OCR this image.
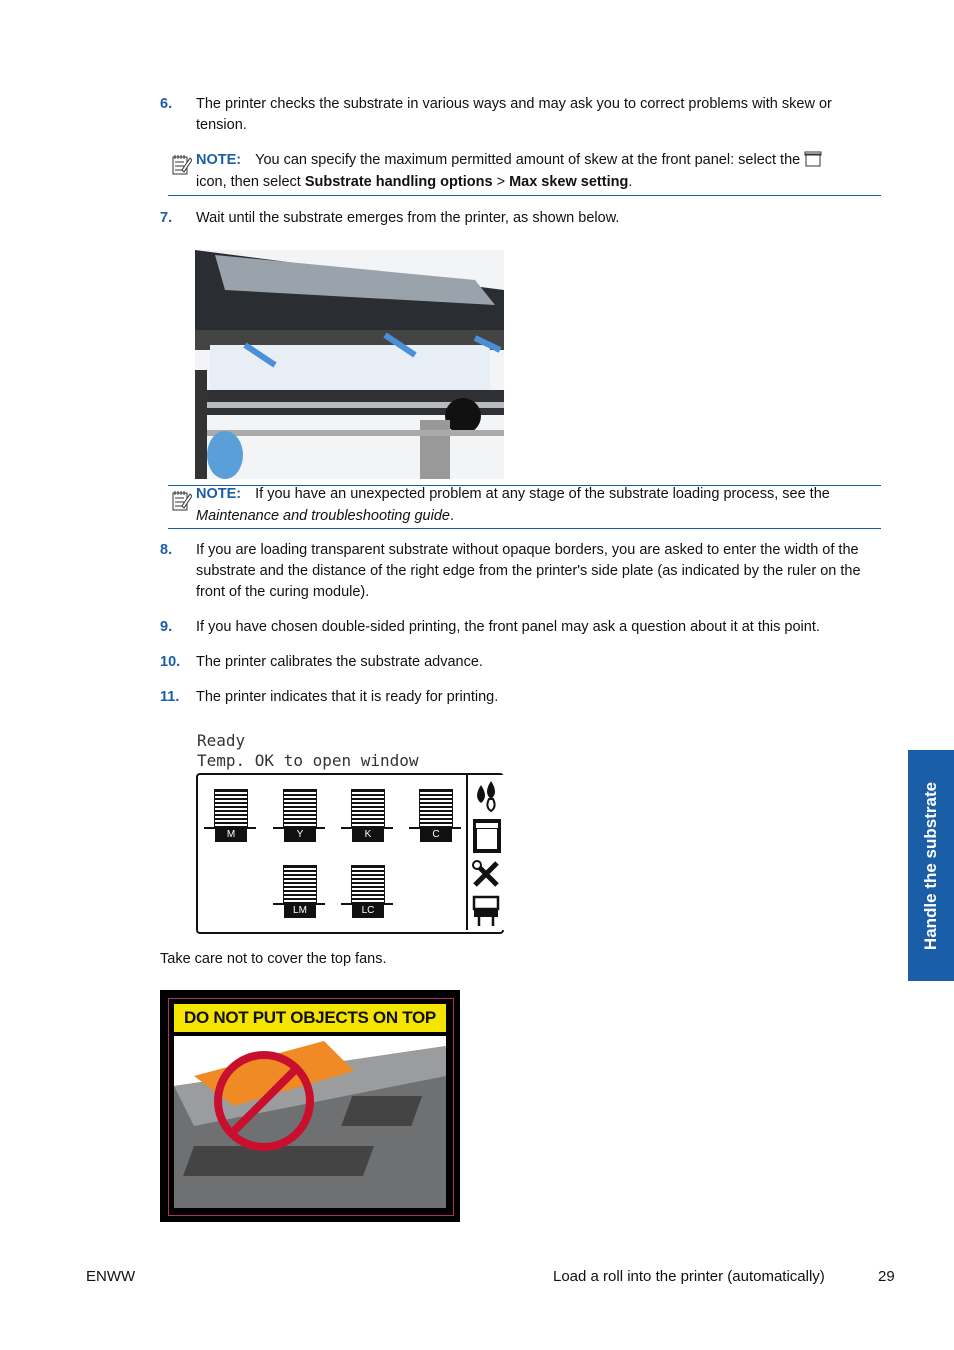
6. The printer checks the substrate in various ways and may ask you to correct problems with skew or tension.
NOTE: You can specify the maximum permitted amount of skew at the front panel: select the
icon, then select Substrate handling options > Max skew setting.
7. Wait until the substrate emerges from the printer, as shown below.
NOTE: If you have an unexpected problem at any stage of the substrate loading process, see the Maintenance and troubleshooting guide.
8. If you are loading transparent substrate without opaque borders, you are asked to enter the width of the substrate and the distance of the right edge from the printer's side plate (as indicated by the ruler on the front of the curing module).
9. If you have chosen double-sided printing, the front panel may ask a question about it at this point.
10. The printer calibrates the substrate advance.
11. The printer indicates that it is ready for printing.
Ready
Temp. OK to open window
M	Y	K	C
LM	LC
Take care not to cover the top fans.
DO NOT PUT OBJECTS ON TOP
Handle the substrate
ENWW	Load a roll into the printer (automatically)	29
